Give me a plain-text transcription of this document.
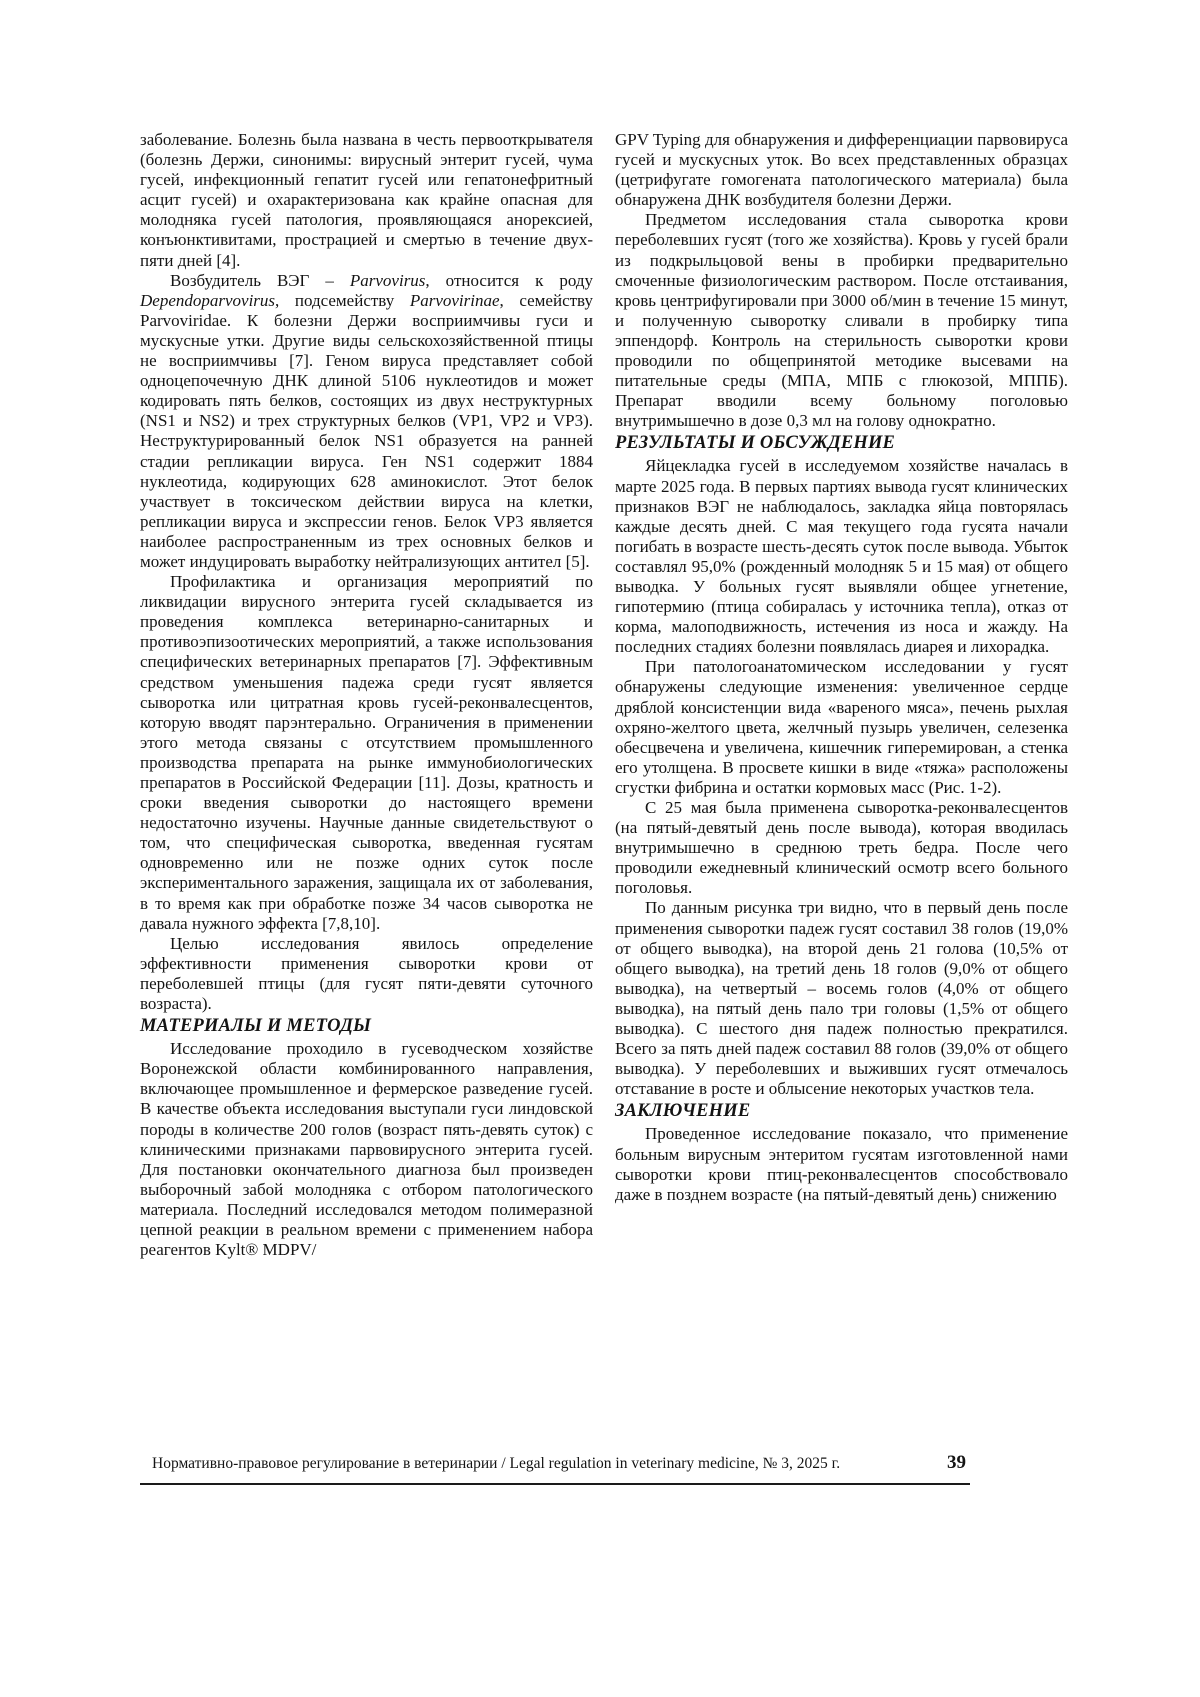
заболевание. Болезнь была названа в честь первооткрывателя (болезнь Держи, синонимы: вирусный энтерит гусей, чума гусей, инфекционный гепатит гусей или гепатонефритный асцит гусей) и охарактеризована как крайне опасная для молодняка гусей патология, проявляющаяся анорексией, конъюнктивитами, прострацией и смертью в течение двух-пяти дней [4].

Возбудитель ВЭГ – Parvovirus, относится к роду Dependoparvovirus, подсемейству Parvovirinae, семейству Parvoviridae. К болезни Держи восприимчивы гуси и мускусные утки. Другие виды сельскохозяйственной птицы не восприимчивы [7]. Геном вируса представляет собой одноцепочечную ДНК длиной 5106 нуклеотидов и может кодировать пять белков, состоящих из двух неструктурных (NS1 и NS2) и трех структурных белков (VP1, VP2 и VP3). Неструктурированный белок NS1 образуется на ранней стадии репликации вируса. Ген NS1 содержит 1884 нуклеотида, кодирующих 628 аминокислот. Этот белок участвует в токсическом действии вируса на клетки, репликации вируса и экспрессии генов. Белок VP3 является наиболее распространенным из трех основных белков и может индуцировать выработку нейтрализующих антител [5].

Профилактика и организация мероприятий по ликвидации вирусного энтерита гусей складывается из проведения комплекса ветеринарно-санитарных и противоэпизоотических мероприятий, а также использования специфических ветеринарных препаратов [7]. Эффективным средством уменьшения падежа среди гусят является сыворотка или цитратная кровь гусей-реконвалесцентов, которую вводят парэнтерально. Ограничения в применении этого метода связаны с отсутствием промышленного производства препарата на рынке иммунобиологических препаратов в Российской Федерации [11]. Дозы, кратность и сроки введения сыворотки до настоящего времени недостаточно изучены. Научные данные свидетельствуют о том, что специфическая сыворотка, введенная гусятам одновременно или не позже одних суток после экспериментального заражения, защищала их от заболевания, в то время как при обработке позже 34 часов сыворотка не давала нужного эффекта [7,8,10].

Целью исследования явилось определение эффективности применения сыворотки крови от переболевшей птицы (для гусят пяти-девяти суточного возраста).

МАТЕРИАЛЫ И МЕТОДЫ

Исследование проходило в гусеводческом хозяйстве Воронежской области комбинированного направления, включающее промышленное и фермерское разведение гусей. В качестве объекта исследования выступали гуси линдовской породы в количестве 200 голов (возраст пять-девять суток) с клиническими признаками парвовирусного энтерита гусей. Для постановки окончательного диагноза был произведен выборочный забой молодняка с отбором патологического материала. Последний исследовался методом полимеразной цепной реакции в реальном времени с применением набора реагентов Kylt® MDPV/

GPV Typing для обнаружения и дифференциации парвовируса гусей и мускусных уток. Во всех представленных образцах (цетрифугате гомогената патологического материала) была обнаружена ДНК возбудителя болезни Держи.

Предметом исследования стала сыворотка крови переболевших гусят (того же хозяйства). Кровь у гусей брали из подкрыльцовой вены в пробирки предварительно смоченные физиологическим раствором. После отстаивания, кровь центрифугировали при 3000 об/мин в течение 15 минут, и полученную сыворотку сливали в пробирку типа эппендорф. Контроль на стерильность сыворотки крови проводили по общепринятой методике высевами на питательные среды (МПА, МПБ с глюкозой, МППБ). Препарат вводили всему больному поголовью внутримышечно в дозе 0,3 мл на голову однократно.

РЕЗУЛЬТАТЫ И ОБСУЖДЕНИЕ

Яйцекладка гусей в исследуемом хозяйстве началась в марте 2025 года. В первых партиях вывода гусят клинических признаков ВЭГ не наблюдалось, закладка яйца повторялась каждые десять дней. С мая текущего года гусята начали погибать в возрасте шесть-десять суток после вывода. Убыток составлял 95,0% (рожденный молодняк 5 и 15 мая) от общего выводка. У больных гусят выявляли общее угнетение, гипотермию (птица собиралась у источника тепла), отказ от корма, малоподвижность, истечения из носа и жажду. На последних стадиях болезни появлялась диарея и лихорадка.

При патологоанатомическом исследовании у гусят обнаружены следующие изменения: увеличенное сердце дряблой консистенции вида «вареного мяса», печень рыхлая охряно-желтого цвета, желчный пузырь увеличен, селезенка обесцвечена и увеличена, кишечник гиперемирован, а стенка его утолщена. В просвете кишки в виде «тяжа» расположены сгустки фибрина и остатки кормовых масс (Рис. 1-2).

С 25 мая была применена сыворотка-реконвалесцентов (на пятый-девятый день после вывода), которая вводилась внутримышечно в среднюю треть бедра. После чего проводили ежедневный клинический осмотр всего больного поголовья.

По данным рисунка три видно, что в первый день после применения сыворотки падеж гусят составил 38 голов (19,0% от общего выводка), на второй день 21 голова (10,5% от общего выводка), на третий день 18 голов (9,0% от общего выводка), на четвертый – восемь голов (4,0% от общего выводка), на пятый день пало три головы (1,5% от общего выводка). С шестого дня падеж полностью прекратился. Всего за пять дней падеж составил 88 голов (39,0% от общего выводка). У переболевших и выживших гусят отмечалось отставание в росте и облысение некоторых участков тела.

ЗАКЛЮЧЕНИЕ

Проведенное исследование показало, что применение больным вирусным энтеритом гусятам изготовленной нами сыворотки крови птиц-реконвалесцентов способствовало даже в позднем возрасте (на пятый-девятый день) снижению

Нормативно-правовое регулирование в ветеринарии / Legal regulation in veterinary medicine, № 3, 2025 г.	39
